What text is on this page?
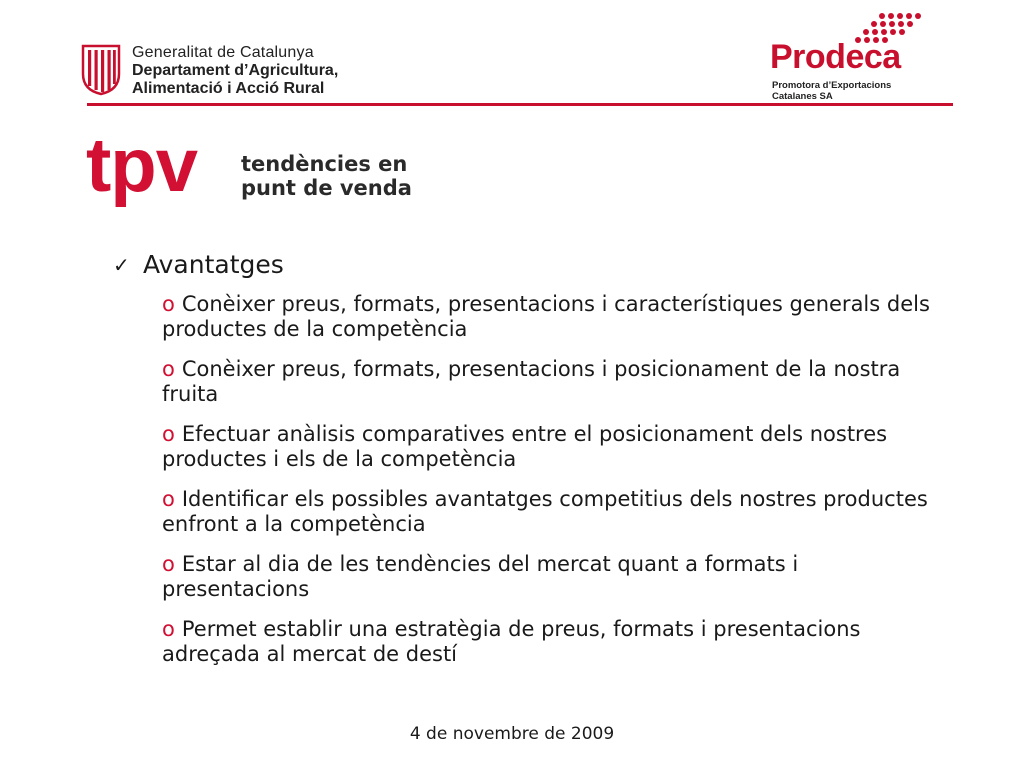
Generalitat de Catalunya
Departament d’Agricultura,
Alimentació i Acció Rural
Prodeca
Promotora d’Exportacions
Catalanes SA
tpv tendències en
punt de venda
✓ Avantatges
o Conèixer preus, formats, presentacions i característiques generals dels productes de la competència
o Conèixer preus, formats, presentacions i posicionament de la nostra fruita
o Efectuar anàlisis comparatives entre el posicionament dels nostres productes i els de la competència
o Identificar els possibles avantatges competitius dels nostres productes enfront a la competència
o Estar al dia de les tendències del mercat quant a formats i presentacions
o Permet establir una estratègia de preus, formats i presentacions adreçada al mercat de destí
4 de novembre de 2009
